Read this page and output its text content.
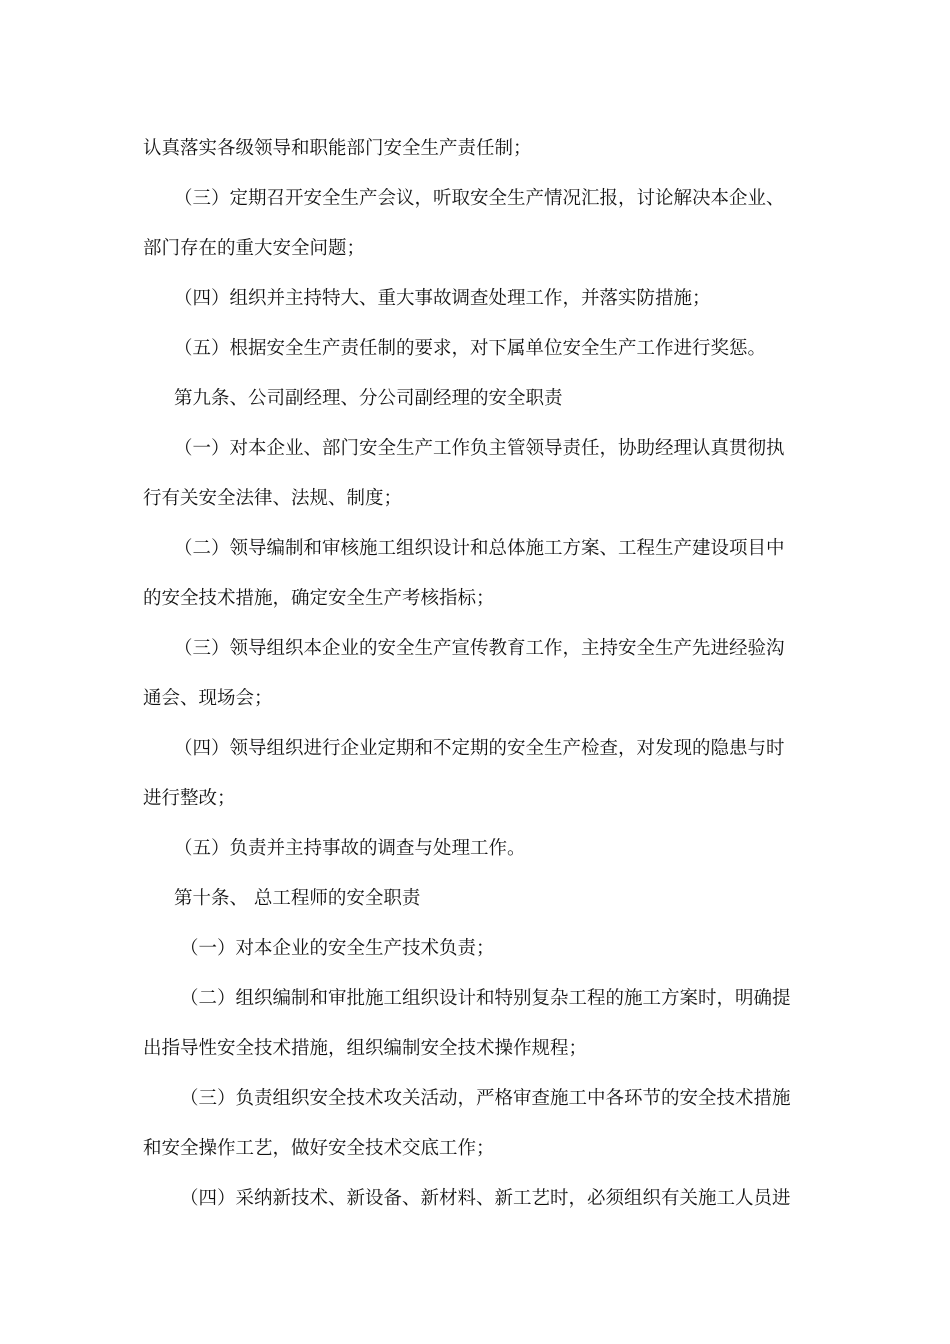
认真落实各级领导和职能部门安全生产责任制；
（三）定期召开安全生产会议，听取安全生产情况汇报，讨论解决本企业、
部门存在的重大安全问题；
（四）组织并主持特大、重大事故调查处理工作，并落实防措施；
（五）根据安全生产责任制的要求，对下属单位安全生产工作进行奖惩。
第九条、公司副经理、分公司副经理的安全职责
（一）对本企业、部门安全生产工作负主管领导责任，协助经理认真贯彻执
行有关安全法律、法规、制度；
（二）领导编制和审核施工组织设计和总体施工方案、工程生产建设项目中
的安全技术措施，确定安全生产考核指标；
（三）领导组织本企业的安全生产宣传教育工作，主持安全生产先进经验沟
通会、现场会；
（四）领导组织进行企业定期和不定期的安全生产检查，对发现的隐患与时
进行整改；
（五）负责并主持事故的调查与处理工作。
第十条、 总工程师的安全职责
（一）对本企业的安全生产技术负责；
（二）组织编制和审批施工组织设计和特别复杂工程的施工方案时，明确提
出指导性安全技术措施，组织编制安全技术操作规程；
（三）负责组织安全技术攻关活动，严格审查施工中各环节的安全技术措施
和安全操作工艺，做好安全技术交底工作；
（四）采纳新技术、新设备、新材料、新工艺时，必须组织有关施工人员进
